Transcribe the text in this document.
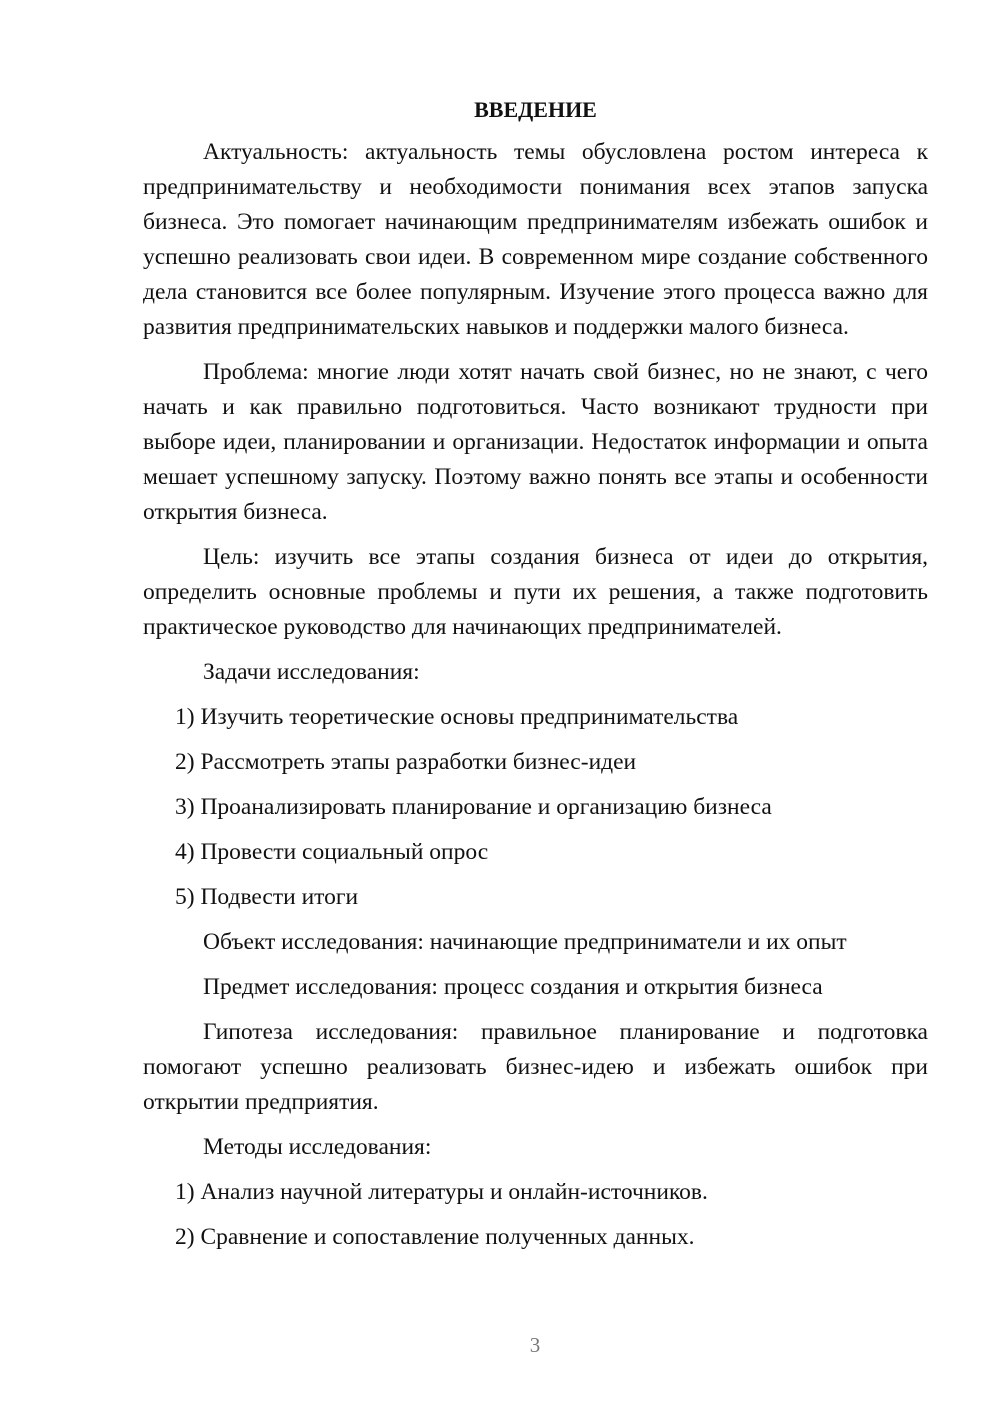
ВВЕДЕНИЕ

Актуальность: актуальность темы обусловлена ростом интереса к предпринимательству и необходимости понимания всех этапов запуска бизнеса. Это помогает начинающим предпринимателям избежать ошибок и успешно реализовать свои идеи. В современном мире создание собственного дела становится все более популярным. Изучение этого процесса важно для развития предпринимательских навыков и поддержки малого бизнеса.

Проблема: многие люди хотят начать свой бизнес, но не знают, с чего начать и как правильно подготовиться. Часто возникают трудности при выборе идеи, планировании и организации. Недостаток информации и опыта мешает успешному запуску. Поэтому важно понять все этапы и особенности открытия бизнеса.

Цель: изучить все этапы создания бизнеса от идеи до открытия, определить основные проблемы и пути их решения, а также подготовить практическое руководство для начинающих предпринимателей.

Задачи исследования:
1) Изучить теоретические основы предпринимательства
2) Рассмотреть этапы разработки бизнес-идеи
3) Проанализировать планирование и организацию бизнеса
4) Провести социальный опрос
5) Подвести итоги
Объект исследования: начинающие предприниматели и их опыт
Предмет исследования: процесс создания и открытия бизнеса

Гипотеза исследования: правильное планирование и подготовка помогают успешно реализовать бизнес-идею и избежать ошибок при открытии предприятия.

Методы исследования:
1) Анализ научной литературы и онлайн-источников.
2) Сравнение и сопоставление полученных данных.
3
